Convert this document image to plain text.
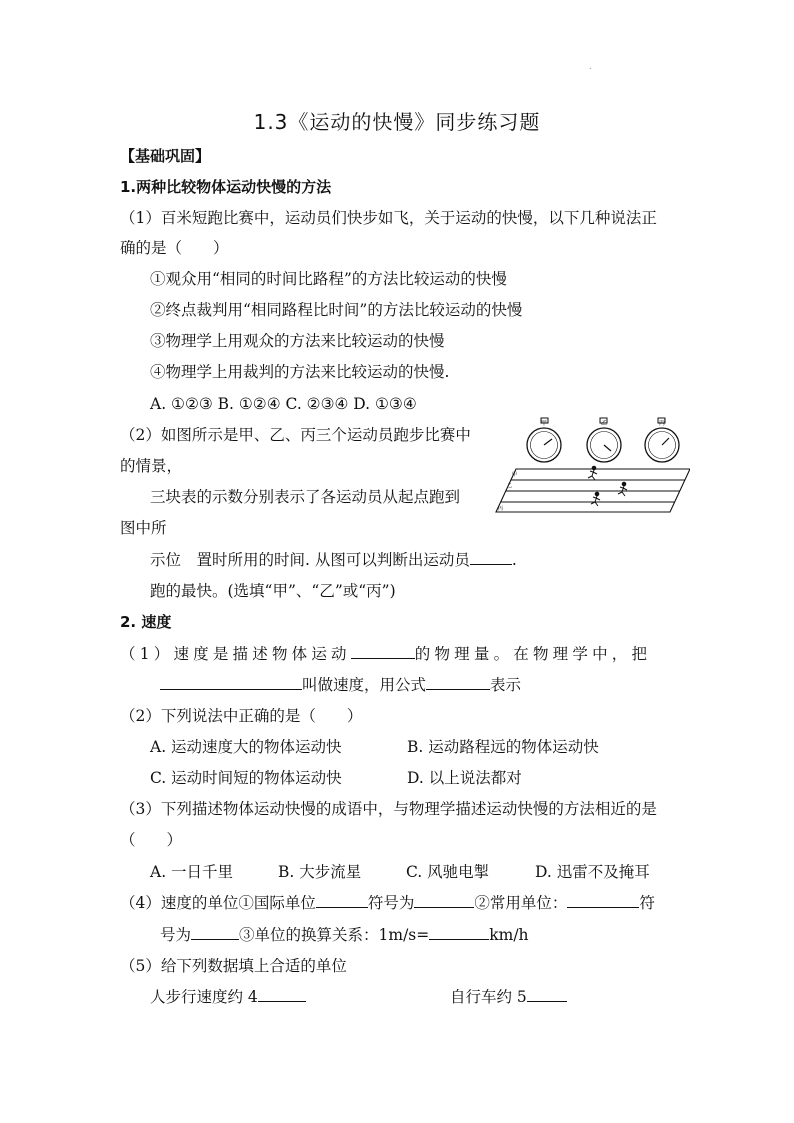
.
1.3《运动的快慢》同步练习题
【基础巩固】
1.两种比较物体运动快慢的方法
（1）百米短跑比赛中，运动员们快步如飞，关于运动的快慢，以下几种说法正
确的是（　　）
①观众用“相同的时间比路程”的方法比较运动的快慢
②终点裁判用“相同路程比时间”的方法比较运动的快慢
③物理学上用观众的方法来比较运动的快慢
④物理学上用裁判的方法来比较运动的快慢.
A. ①②③ B. ①②④ C. ②③④ D. ①③④
（2）如图所示是甲、乙、丙三个运动员跑步比赛中
的情景，
三块表的示数分别表示了各运动员从起点跑到
图中所
示位　置时所用的时间. 从图可以判断出运动员	.
跑的最快。(选填“甲”、“乙”或“丙”)
甲	乙	丙
甲
乙
丙
2. 速度
（1）速度是描述物体运动	的物理量。在物理学中，把
叫做速度，用公式	表示
（2）下列说法中正确的是（　　）
A. 运动速度大的物体运动快	B. 运动路程远的物体运动快
C. 运动时间短的物体运动快	D. 以上说法都对
（3）下列描述物体运动快慢的成语中，与物理学描述运动快慢的方法相近的是
（　　）
A. 一日千里	B. 大步流星	C. 风驰电掣	D. 迅雷不及掩耳
（4）速度的单位①国际单位	符号为	②常用单位：	符
号为	③单位的换算关系：1m/s=	km/h
（5）给下列数据填上合适的单位
人步行速度约 4	自行车约 5
